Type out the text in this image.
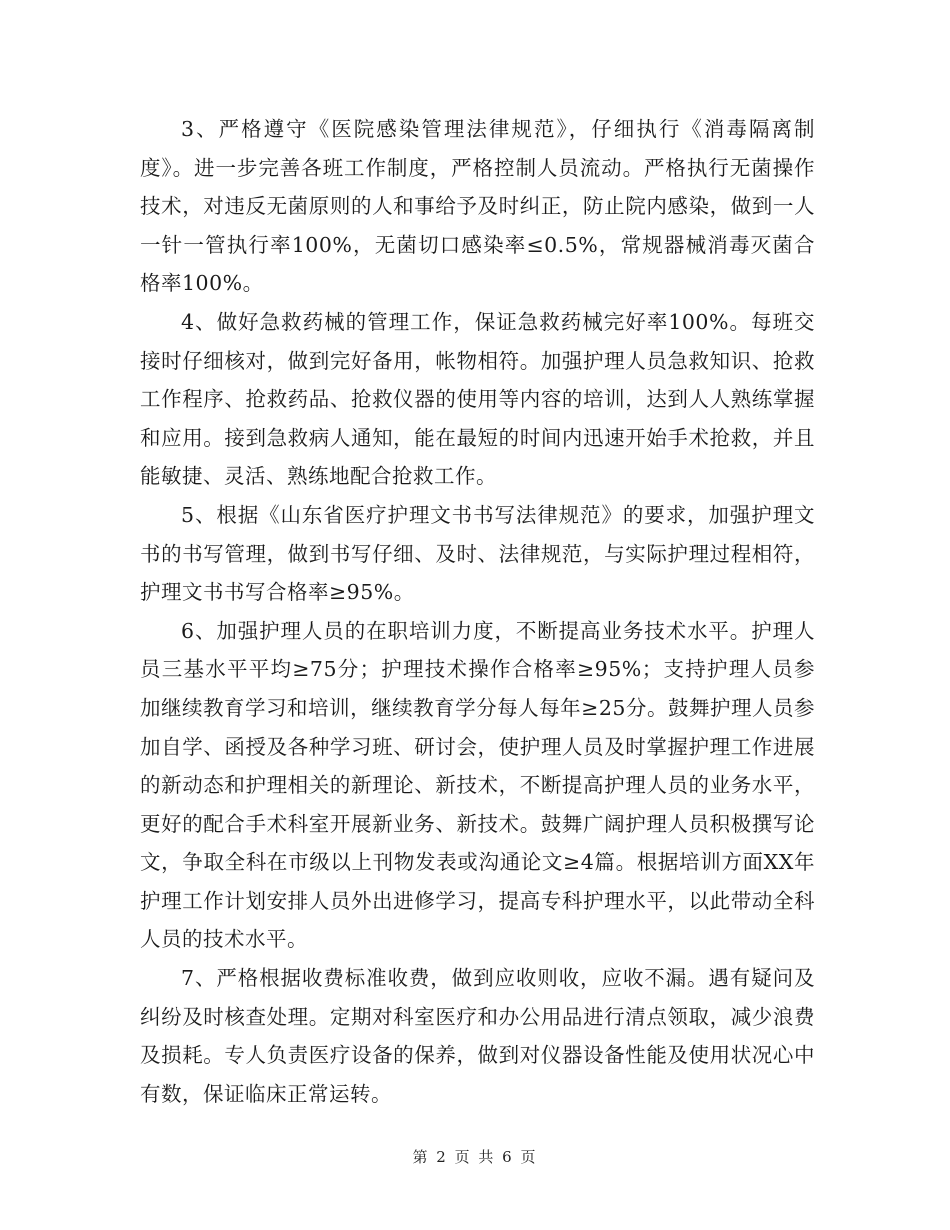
3、严格遵守《医院感染管理法律规范》，仔细执行《消毒隔离制度》。进一步完善各班工作制度，严格控制人员流动。严格执行无菌操作技术，对违反无菌原则的人和事给予及时纠正，防止院内感染，做到一人一针一管执行率100%，无菌切口感染率≤0.5%，常规器械消毒灭菌合格率100%。

4、做好急救药械的管理工作，保证急救药械完好率100%。每班交接时仔细核对，做到完好备用，帐物相符。加强护理人员急救知识、抢救工作程序、抢救药品、抢救仪器的使用等内容的培训，达到人人熟练掌握和应用。接到急救病人通知，能在最短的时间内迅速开始手术抢救，并且能敏捷、灵活、熟练地配合抢救工作。

5、根据《山东省医疗护理文书书写法律规范》的要求，加强护理文书的书写管理，做到书写仔细、及时、法律规范，与实际护理过程相符，护理文书书写合格率≥95%。

6、加强护理人员的在职培训力度，不断提高业务技术水平。护理人员三基水平平均≥75分；护理技术操作合格率≥95%；支持护理人员参加继续教育学习和培训，继续教育学分每人每年≥25分。鼓舞护理人员参加自学、函授及各种学习班、研讨会，使护理人员及时掌握护理工作进展的新动态和护理相关的新理论、新技术，不断提高护理人员的业务水平，更好的配合手术科室开展新业务、新技术。鼓舞广阔护理人员积极撰写论文，争取全科在市级以上刊物发表或沟通论文≥4篇。根据培训方面XX年护理工作计划安排人员外出进修学习，提高专科护理水平，以此带动全科人员的技术水平。

7、严格根据收费标准收费，做到应收则收，应收不漏。遇有疑问及纠纷及时核查处理。定期对科室医疗和办公用品进行清点领取，减少浪费及损耗。专人负责医疗设备的保养，做到对仪器设备性能及使用状况心中有数，保证临床正常运转。

第 2 页 共 6 页
